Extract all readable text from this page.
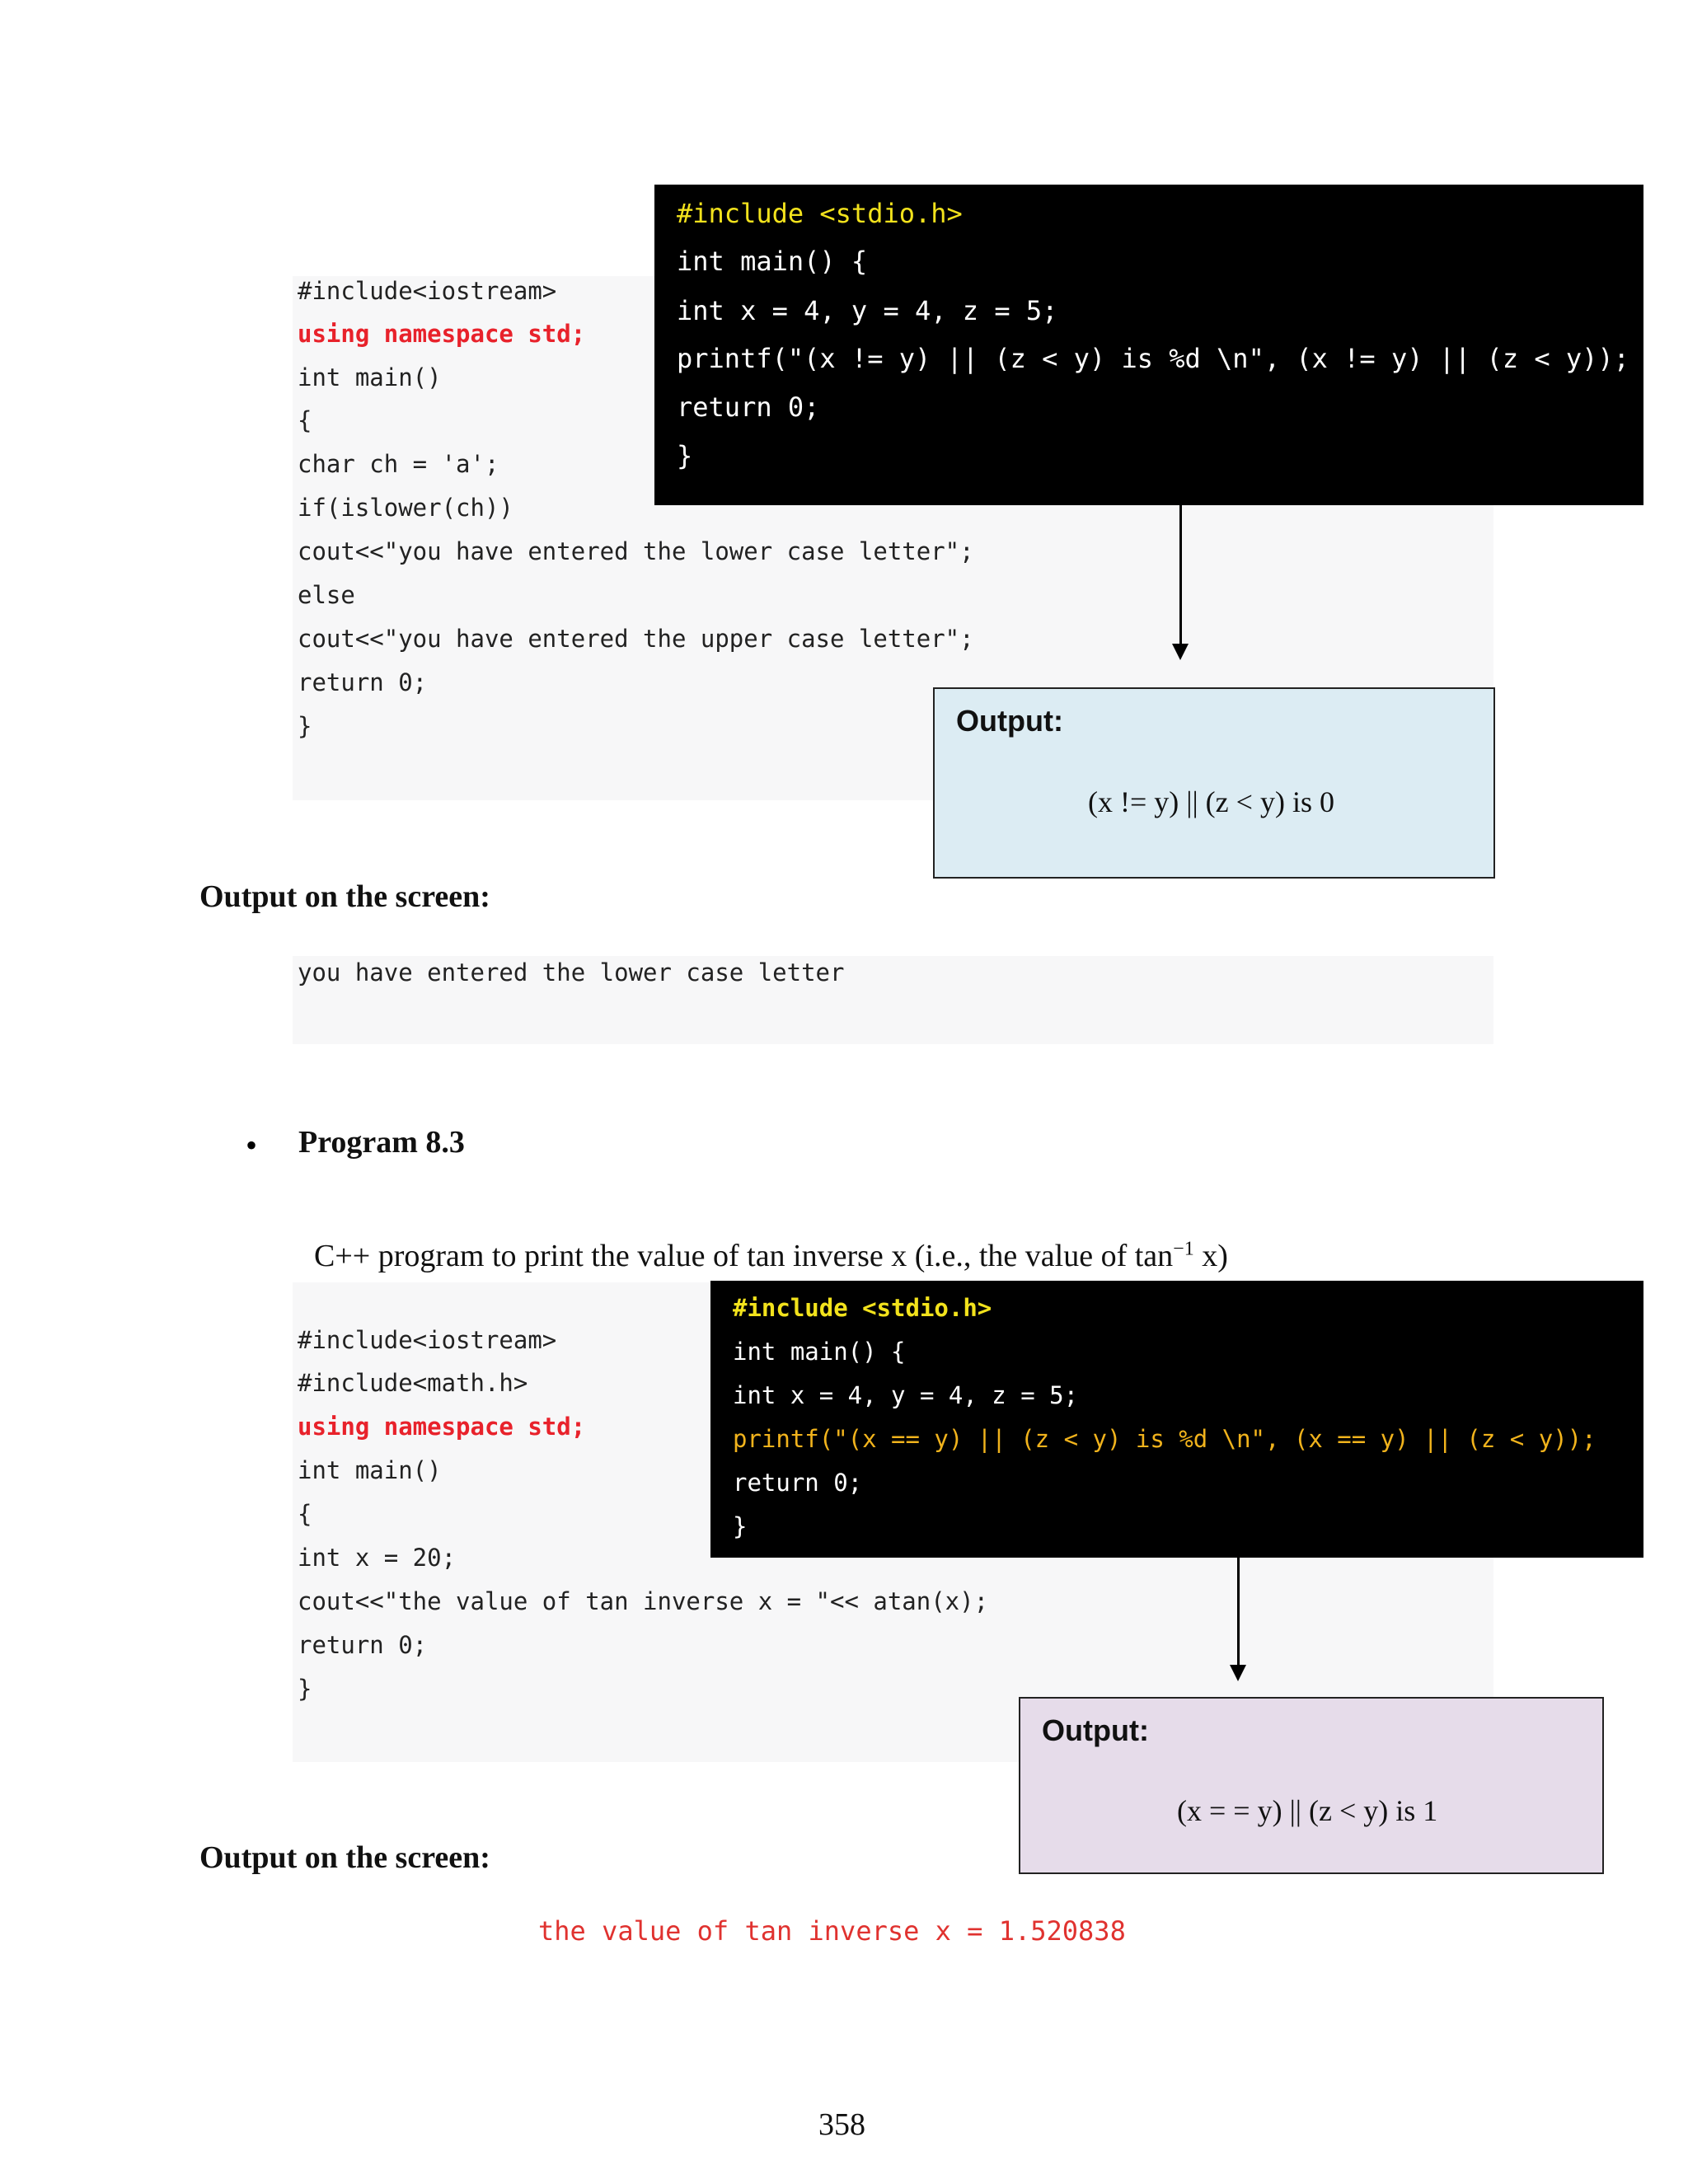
#include<iostream>
using namespace std;
int main()
{
char ch = 'a';
if(islower(ch))
cout<<"you have entered the lower case letter";
else
cout<<"you have entered the upper case letter";
return 0;
}
#include <stdio.h>
int main() {
int x = 4, y = 4, z = 5;
printf("(x != y) || (z < y) is %d \n", (x != y) || (z < y));
return 0;
}
Output:
(x != y) || (z < y) is 0
Output on the screen:
you have entered the lower case letter
• Program 8.3

C++ program to print the value of tan inverse x (i.e., the value of $\tan^{-1} x$)

#include<iostream>
#include<math.h>
using namespace std;
int main()
{
int x = 20;
cout<<"the value of tan inverse x = "<< atan(x);
return 0;
}
#include <stdio.h>
int main() {
int x = 4, y = 4, z = 5;
printf("(x == y) || (z < y) is %d \n", (x == y) || (z < y));
return 0;
}
Output:
(x = = y) || (z < y) is 1
Output on the screen:
the value of tan inverse x = 1.520838
358
